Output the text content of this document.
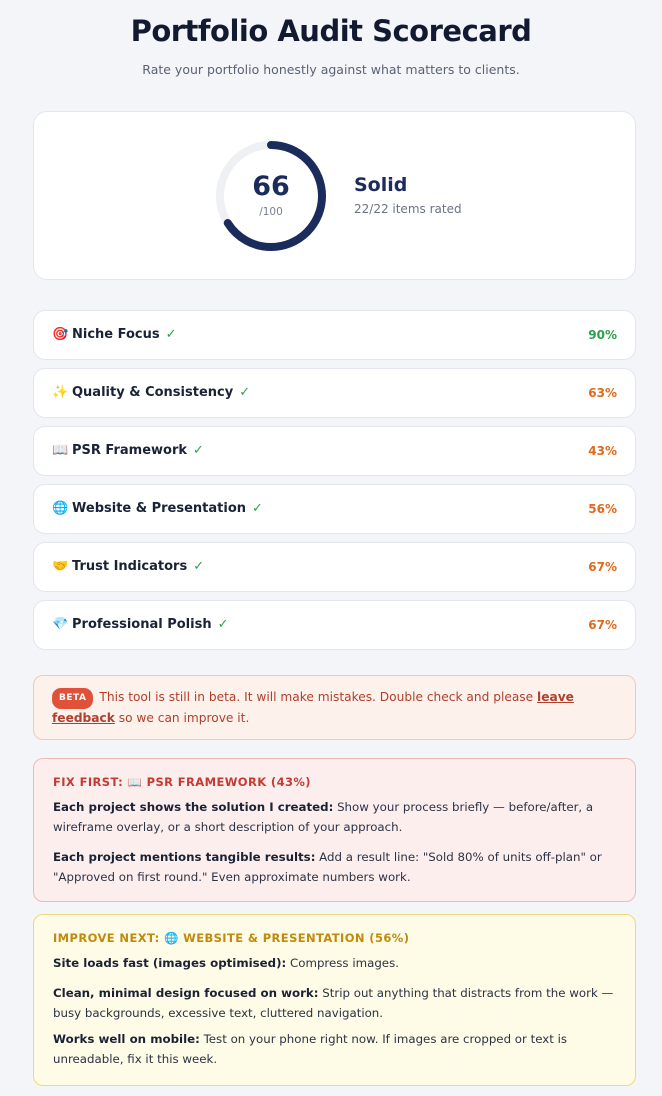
Portfolio Audit Scorecard
Rate your portfolio honestly against what matters to clients.
66
/100
Solid
22/22 items rated
🎯 Niche Focus ✓	90%
✨ Quality & Consistency ✓	63%
📖 PSR Framework ✓	43%
🌐 Website & Presentation ✓	56%
🤝 Trust Indicators ✓	67%
💎 Professional Polish ✓	67%
BETA This tool is still in beta. It will make mistakes. Double check and please leave feedback so we can improve it.
FIX FIRST: 📖 PSR FRAMEWORK (43%)
Each project shows the solution I created: Show your process briefly — before/after, a wireframe overlay, or a short description of your approach.
Each project mentions tangible results: Add a result line: "Sold 80% of units off-plan" or "Approved on first round." Even approximate numbers work.
IMPROVE NEXT: 🌐 WEBSITE & PRESENTATION (56%)
Site loads fast (images optimised): Compress images.
Clean, minimal design focused on work: Strip out anything that distracts from the work — busy backgrounds, excessive text, cluttered navigation.
Works well on mobile: Test on your phone right now. If images are cropped or text is unreadable, fix it this week.
